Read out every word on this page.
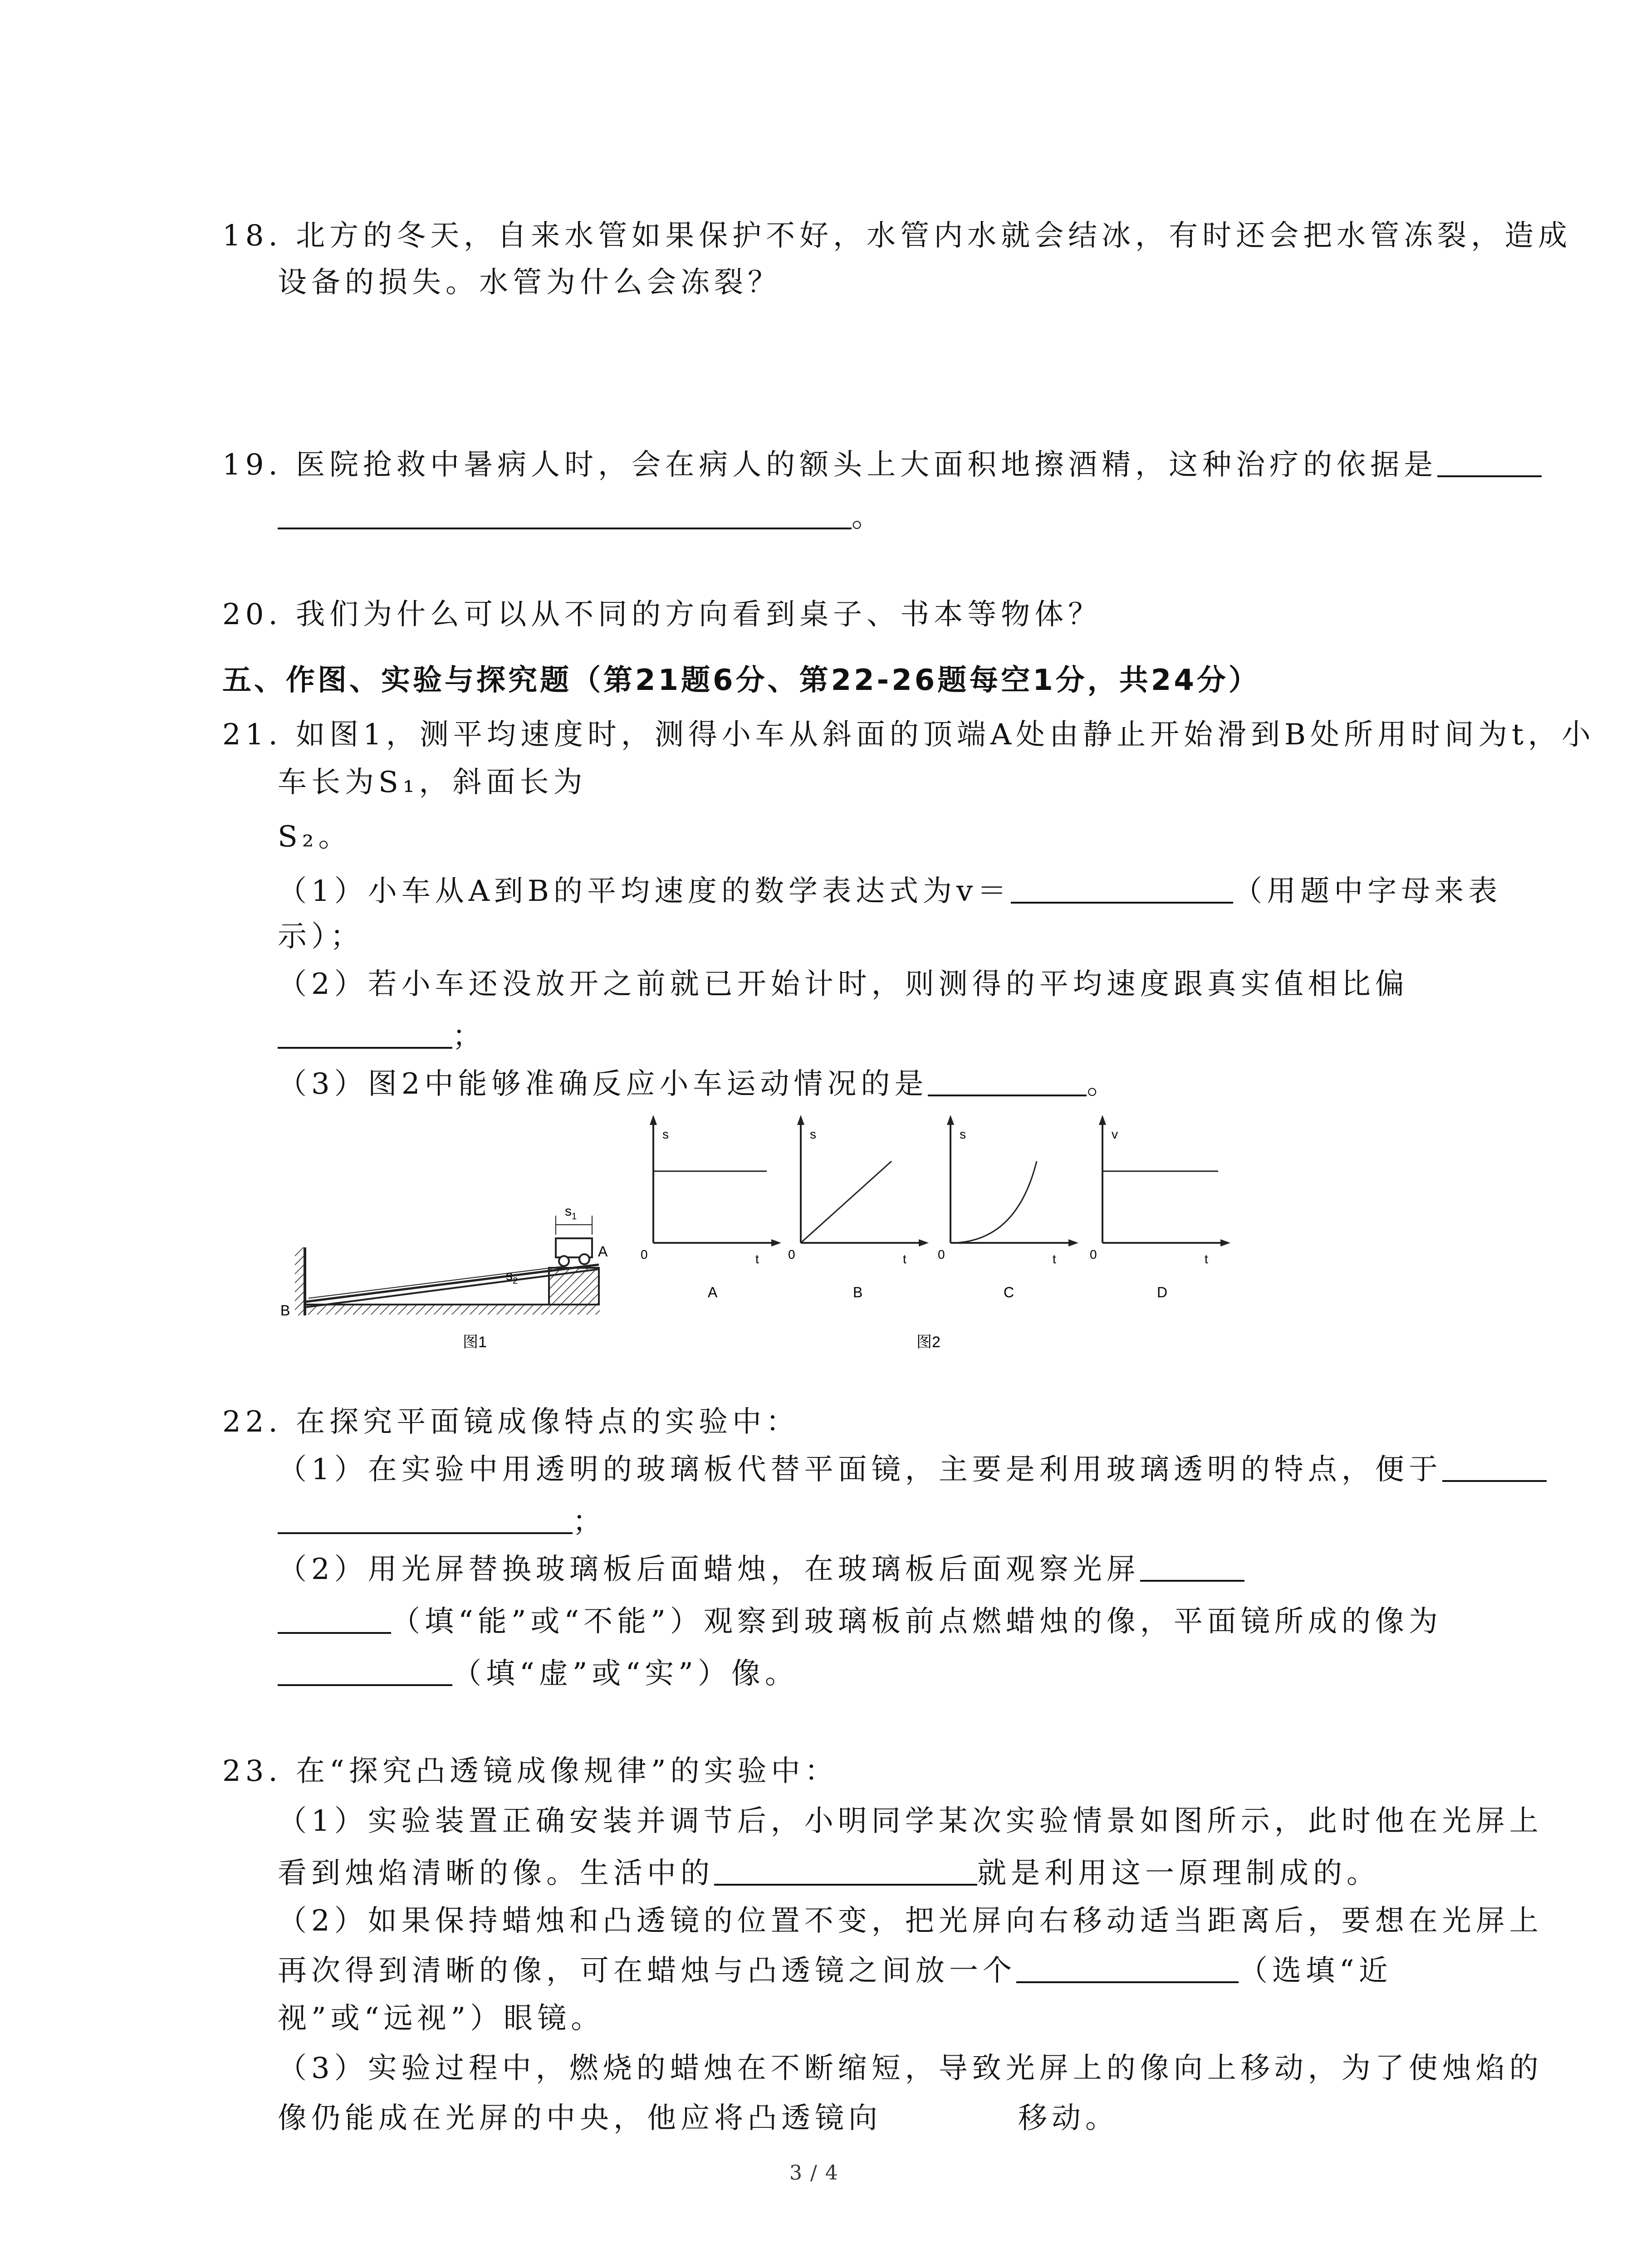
18. 北方的冬天，自来水管如果保护不好，水管内水就会结冰，有时还会把水管冻裂，造成
设备的损失。水管为什么会冻裂？
19. 医院抢救中暑病人时，会在病人的额头上大面积地擦酒精，这种治疗的依据是
。
20. 我们为什么可以从不同的方向看到桌子、书本等物体？
五、作图、实验与探究题（第21题6分、第22-26题每空1分，共24分）
21. 如图1，测平均速度时，测得小车从斜面的顶端A处由静止开始滑到B处所用时间为t，小
车长为S₁，斜面长为
S₂。
（1）小车从A到B的平均速度的数学表达式为v＝	（用题中字母来表
示）；
（2）若小车还没放开之前就已开始计时，则测得的平均速度跟真实值相比偏
；
（3）图2中能够准确反应小车运动情况的是	。
$s_2$
$s_1$
A
B
图1
s
t
0
A
s
t
0
B
s
t
0
C
v
t
0
D
图2
22. 在探究平面镜成像特点的实验中：
（1）在实验中用透明的玻璃板代替平面镜，主要是利用玻璃透明的特点，便于
；
（2）用光屏替换玻璃板后面蜡烛，在玻璃板后面观察光屏
（填“能”或“不能”）观察到玻璃板前点燃蜡烛的像，平面镜所成的像为
（填“虚”或“实”）像。
23. 在“探究凸透镜成像规律”的实验中：
（1）实验装置正确安装并调节后，小明同学某次实验情景如图所示，此时他在光屏上
看到烛焰清晰的像。生活中的	就是利用这一原理制成的。
（2）如果保持蜡烛和凸透镜的位置不变，把光屏向右移动适当距离后，要想在光屏上
再次得到清晰的像，可在蜡烛与凸透镜之间放一个	（选填“近
视”或“远视”）眼镜。
（3）实验过程中，燃烧的蜡烛在不断缩短，导致光屏上的像向上移动，为了使烛焰的
像仍能成在光屏的中央，他应将凸透镜向	移动。
3 / 4
